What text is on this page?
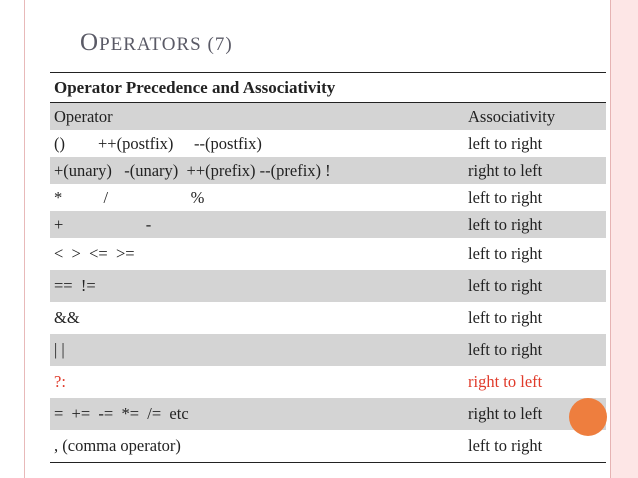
OPERATORS (7)
Operator Precedence and Associativity
Operator	Associativity
()        ++(postfix)     --(postfix)	left to right
+(unary)   -(unary)  ++(prefix) --(prefix) !	right to left
*          /                    %	left to right
+                    -	left to right
<  >  <=  >=	left to right
==  !=	left to right
&&	left to right
| |	left to right
?:	right to left
=  +=  -=  *=  /=  etc	right to left
, (comma operator)	left to right
